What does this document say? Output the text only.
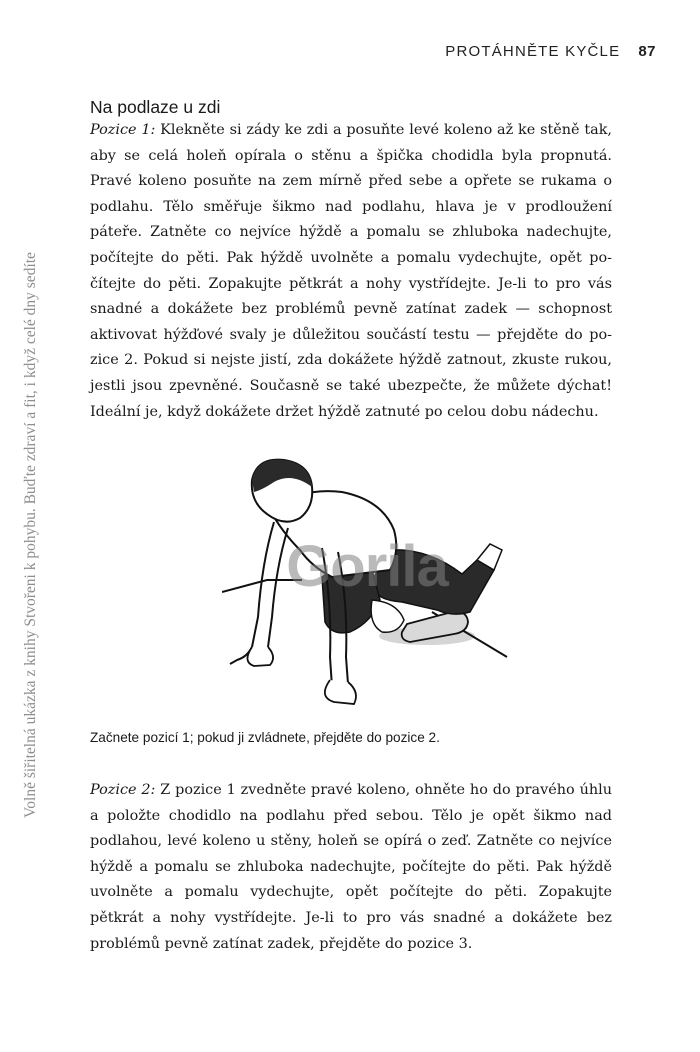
PROTÁHNĚTE KYČLE 87
Volně šiřitelná ukázka z knihy Stvořeni k pohybu. Buďte zdraví a fit, i když celé dny sedíte
Na podlaze u zdi

Pozice 1: Klekněte si zády ke zdi a posuňte levé koleno až ke stěně tak, aby se celá holeň opírala o stěnu a špička chodidla byla propnutá. Pravé koleno posuňte na zem mírně před sebe a opřete se rukama o podlahu. Tělo směřuje šikmo nad podlahu, hlava je v prodloužení páteře. Zatněte co nejvíce hýždě a pomalu se zhluboka nadechujte, počítejte do pěti. Pak hýždě uvolněte a pomalu vydechujte, opět počítejte do pěti. Zopakujte pětkrát a nohy vystřídejte. Je-li to pro vás snadné a dokážete bez problémů pevně zatínat zadek — schopnost aktivovat hýžďové svaly je důležitou součástí testu — přejděte do pozice 2. Pokud si nejste jistí, zda dokážete hýždě zatnout, zkuste rukou, jestli jsou zpevněné. Současně se také ubezpečte, že můžete dýchat! Ideální je, když dokážete držet hýždě zatnuté po celou dobu nádechu.

Gorila
Začnete pozicí 1; pokud ji zvládnete, přejděte do pozice 2.

Pozice 2: Z pozice 1 zvedněte pravé koleno, ohněte ho do pravého úhlu a položte chodidlo na podlahu před sebou. Tělo je opět šikmo nad podlahou, levé koleno u stěny, holeň se opírá o zeď. Zatněte co nejvíce hýždě a pomalu se zhluboka nadechujte, počítejte do pěti. Pak hýždě uvolněte a pomalu vydechujte, opět počítejte do pěti. Zopakujte pětkrát a nohy vystřídejte. Je-li to pro vás snadné a dokážete bez problémů pevně zatínat zadek, přejděte do pozice 3.
